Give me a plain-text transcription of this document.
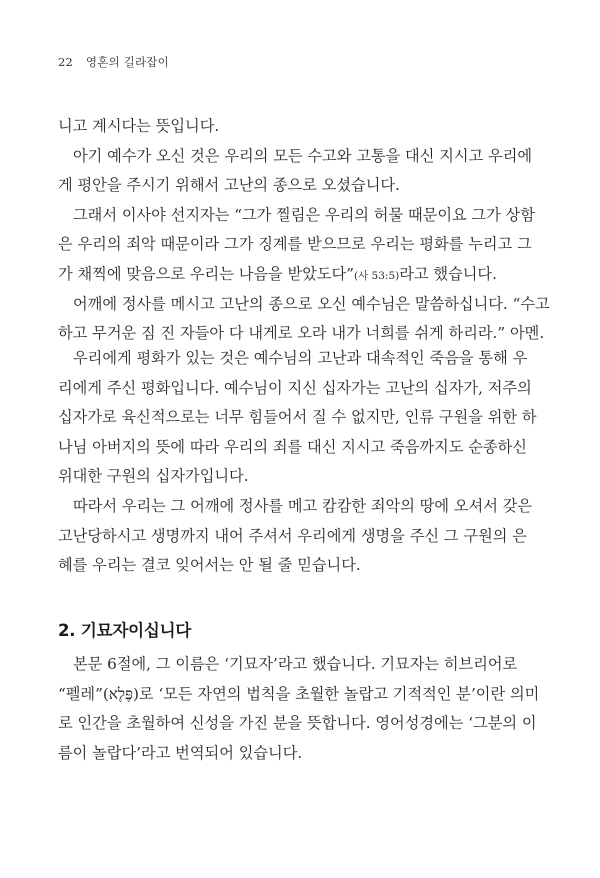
22 영혼의 길라잡이
니고 계시다는 뜻입니다.
아기 예수가 오신 것은 우리의 모든 수고와 고통을 대신 지시고 우리에
게 평안을 주시기 위해서 고난의 종으로 오셨습니다.
그래서 이사야 선지자는 “그가 찔림은 우리의 허물 때문이요 그가 상함
은 우리의 죄악 때문이라 그가 징계를 받으므로 우리는 평화를 누리고 그
가 채찍에 맞음으로 우리는 나음을 받았도다”(사 53:5)라고 했습니다.
어깨에 정사를 메시고 고난의 종으로 오신 예수님은 말씀하십니다. “수고
하고 무거운 짐 진 자들아 다 내게로 오라 내가 너희를 쉬게 하리라.” 아멘.
우리에게 평화가 있는 것은 예수님의 고난과 대속적인 죽음을 통해 우
리에게 주신 평화입니다. 예수님이 지신 십자가는 고난의 십자가, 저주의
십자가로 육신적으로는 너무 힘들어서 질 수 없지만, 인류 구원을 위한 하
나님 아버지의 뜻에 따라 우리의 죄를 대신 지시고 죽음까지도 순종하신
위대한 구원의 십자가입니다.
따라서 우리는 그 어깨에 정사를 메고 캄캄한 죄악의 땅에 오셔서 갖은
고난당하시고 생명까지 내어 주셔서 우리에게 생명을 주신 그 구원의 은
혜를 우리는 결코 잊어서는 안 될 줄 믿습니다.
2. 기묘자이십니다
본문 6절에, 그 이름은 ‘기묘자’라고 했습니다. 기묘자는 히브리어로
“펠레”(פֶּלֶא)로 ‘모든 자연의 법칙을 초월한 놀랍고 기적적인 분’이란 의미
로 인간을 초월하여 신성을 가진 분을 뜻합니다. 영어성경에는 ‘그분의 이
름이 놀랍다’라고 번역되어 있습니다.
